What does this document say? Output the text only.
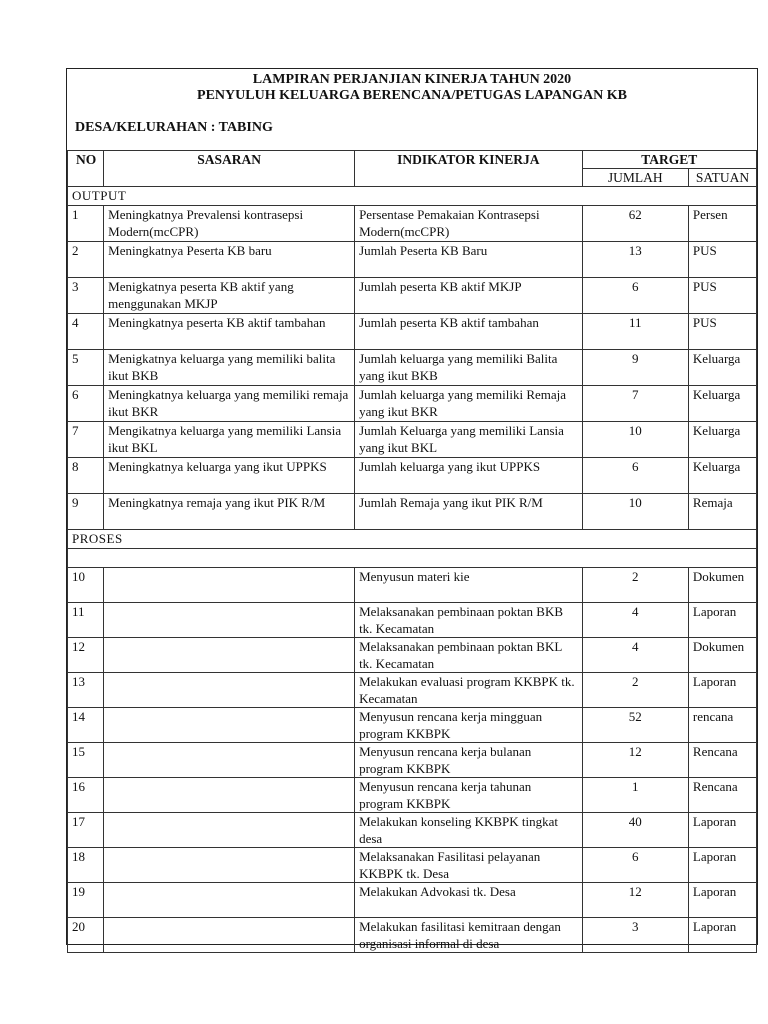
LAMPIRAN PERJANJIAN KINERJA TAHUN 2020
PENYULUH KELUARGA BERENCANA/PETUGAS LAPANGAN KB
DESA/KELURAHAN : TABING
NO	SASARAN	INDIKATOR KINERJA	TARGET	
			JUMLAH	SATUAN
OUTPUT				
1	Meningkatnya Prevalensi kontrasepsi Modern(mcCPR)	Persentase Pemakaian Kontrasepsi Modern(mcCPR)	62	Persen
2	Meningkatnya Peserta KB baru	Jumlah Peserta KB Baru	13	PUS
3	Menigkatnya peserta KB aktif yang menggunakan MKJP	Jumlah peserta KB aktif MKJP	6	PUS
4	Meningkatnya peserta KB aktif tambahan	Jumlah peserta KB aktif tambahan	11	PUS
5	Menigkatnya keluarga yang memiliki balita ikut BKB	Jumlah keluarga yang memiliki Balita yang ikut BKB	9	Keluarga
6	Meningkatnya keluarga yang memiliki remaja ikut BKR	Jumlah keluarga yang memiliki Remaja yang ikut BKR	7	Keluarga
7	Mengikatnya keluarga yang memiliki Lansia ikut BKL	Jumlah Keluarga yang memiliki Lansia yang ikut BKL	10	Keluarga
8	Meningkatnya keluarga yang ikut UPPKS	Jumlah keluarga yang ikut UPPKS	6	Keluarga
9	Meningkatnya remaja yang ikut PIK R/M	Jumlah Remaja yang ikut PIK R/M	10	Remaja
PROSES				

10		Menyusun materi kie	2	Dokumen
11		Melaksanakan pembinaan poktan BKB tk. Kecamatan	4	Laporan
12		Melaksanakan pembinaan poktan BKL tk. Kecamatan	4	Dokumen
13		Melakukan evaluasi program KKBPK tk. Kecamatan	2	Laporan
14		Menyusun rencana kerja mingguan program KKBPK	52	rencana
15		Menyusun rencana kerja bulanan program KKBPK	12	Rencana
16		Menyusun rencana kerja tahunan program KKBPK	1	Rencana
17		Melakukan konseling KKBPK tingkat desa	40	Laporan
18		Melaksanakan Fasilitasi pelayanan KKBPK tk. Desa	6	Laporan
19		Melakukan Advokasi tk. Desa	12	Laporan
20		Melakukan fasilitasi kemitraan dengan organisasi informal di desa	3	Laporan
